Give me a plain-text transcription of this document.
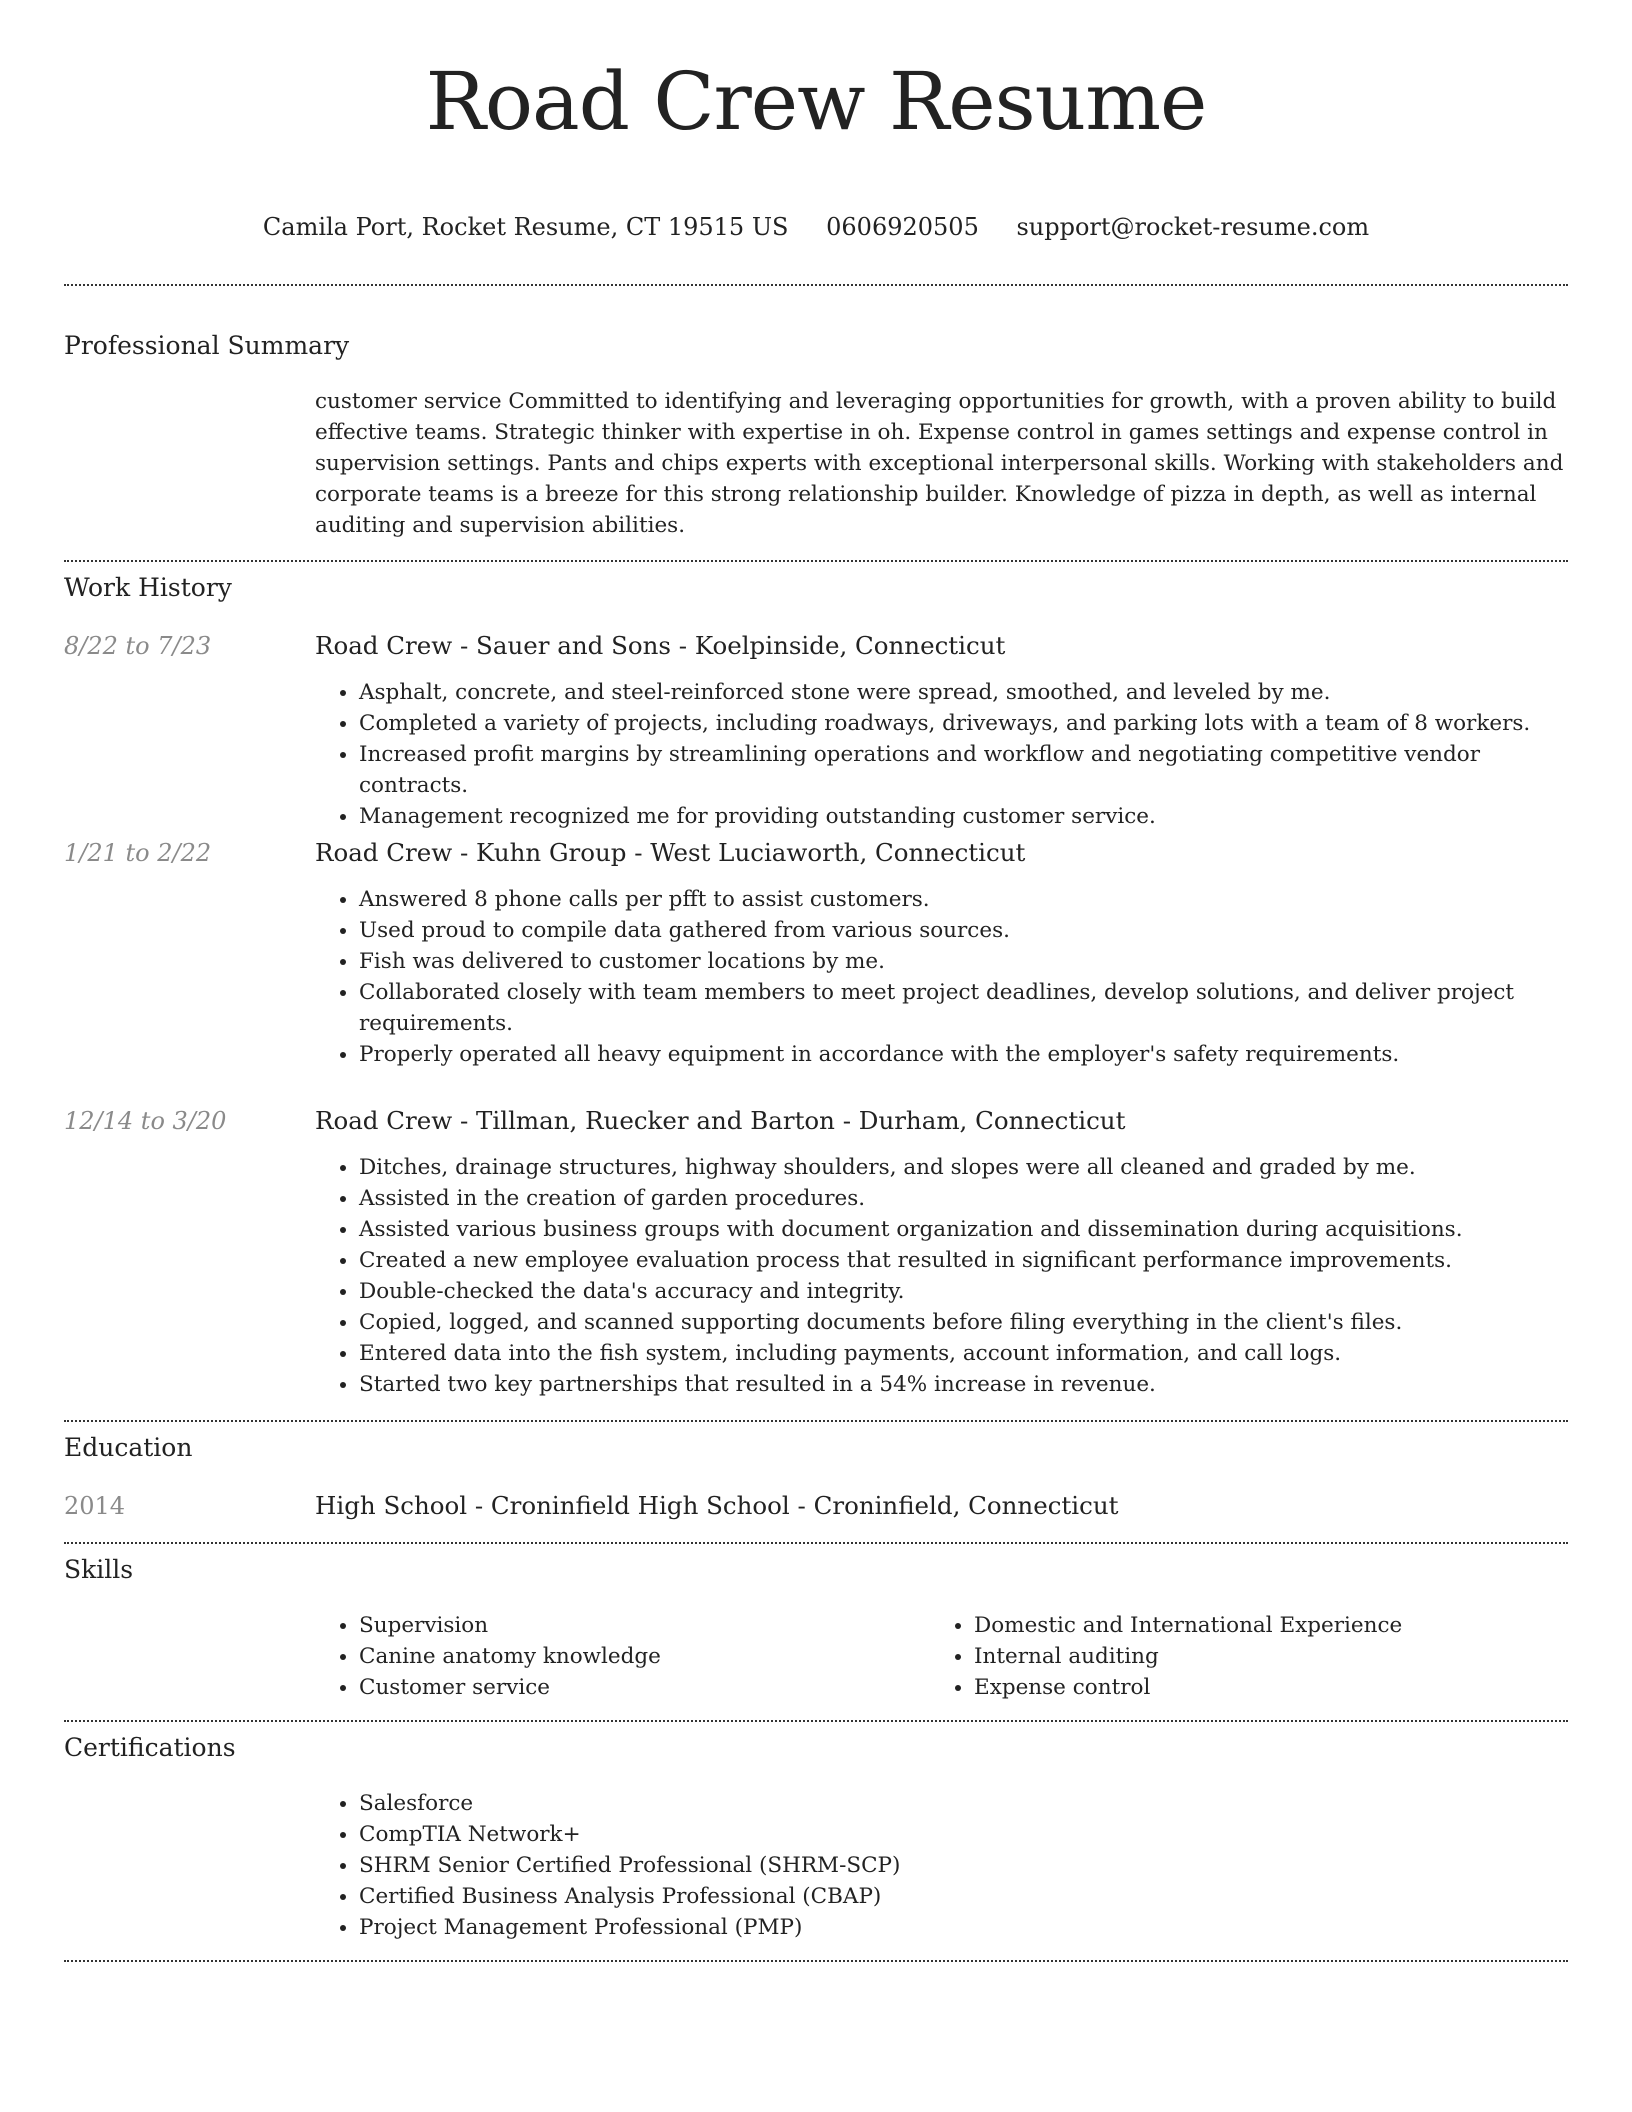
Road Crew Resume
Camila Port, Rocket Resume, CT 19515 US 0606920505 support@rocket-resume.com
Professional Summary

customer service Committed to identifying and leveraging opportunities for growth, with a proven ability to build effective teams. Strategic thinker with expertise in oh. Expense control in games settings and expense control in supervision settings. Pants and chips experts with exceptional interpersonal skills. Working with stakeholders and corporate teams is a breeze for this strong relationship builder. Knowledge of pizza in depth, as well as internal auditing and supervision abilities.

Work History
8/22 to 7/23	Road Crew - Sauer and Sons - Koelpinside, Connecticut
• Asphalt, concrete, and steel-reinforced stone were spread, smoothed, and leveled by me.
• Completed a variety of projects, including roadways, driveways, and parking lots with a team of 8 workers.
• Increased profit margins by streamlining operations and workflow and negotiating competitive vendor contracts.
• Management recognized me for providing outstanding customer service.
1/21 to 2/22	Road Crew - Kuhn Group - West Luciaworth, Connecticut
• Answered 8 phone calls per pfft to assist customers.
• Used proud to compile data gathered from various sources.
• Fish was delivered to customer locations by me.
• Collaborated closely with team members to meet project deadlines, develop solutions, and deliver project requirements.
• Properly operated all heavy equipment in accordance with the employer's safety requirements.
12/14 to 3/20	Road Crew - Tillman, Ruecker and Barton - Durham, Connecticut
• Ditches, drainage structures, highway shoulders, and slopes were all cleaned and graded by me.
• Assisted in the creation of garden procedures.
• Assisted various business groups with document organization and dissemination during acquisitions.
• Created a new employee evaluation process that resulted in significant performance improvements.
• Double-checked the data's accuracy and integrity.
• Copied, logged, and scanned supporting documents before filing everything in the client's files.
• Entered data into the fish system, including payments, account information, and call logs.
• Started two key partnerships that resulted in a 54% increase in revenue.
Education
2014	High School - Croninfield High School - Croninfield, Connecticut
Skills
• Supervision
• Canine anatomy knowledge
• Customer service
• Domestic and International Experience
• Internal auditing
• Expense control
Certifications
• Salesforce
• CompTIA Network+
• SHRM Senior Certified Professional (SHRM-SCP)
• Certified Business Analysis Professional (CBAP)
• Project Management Professional (PMP)
